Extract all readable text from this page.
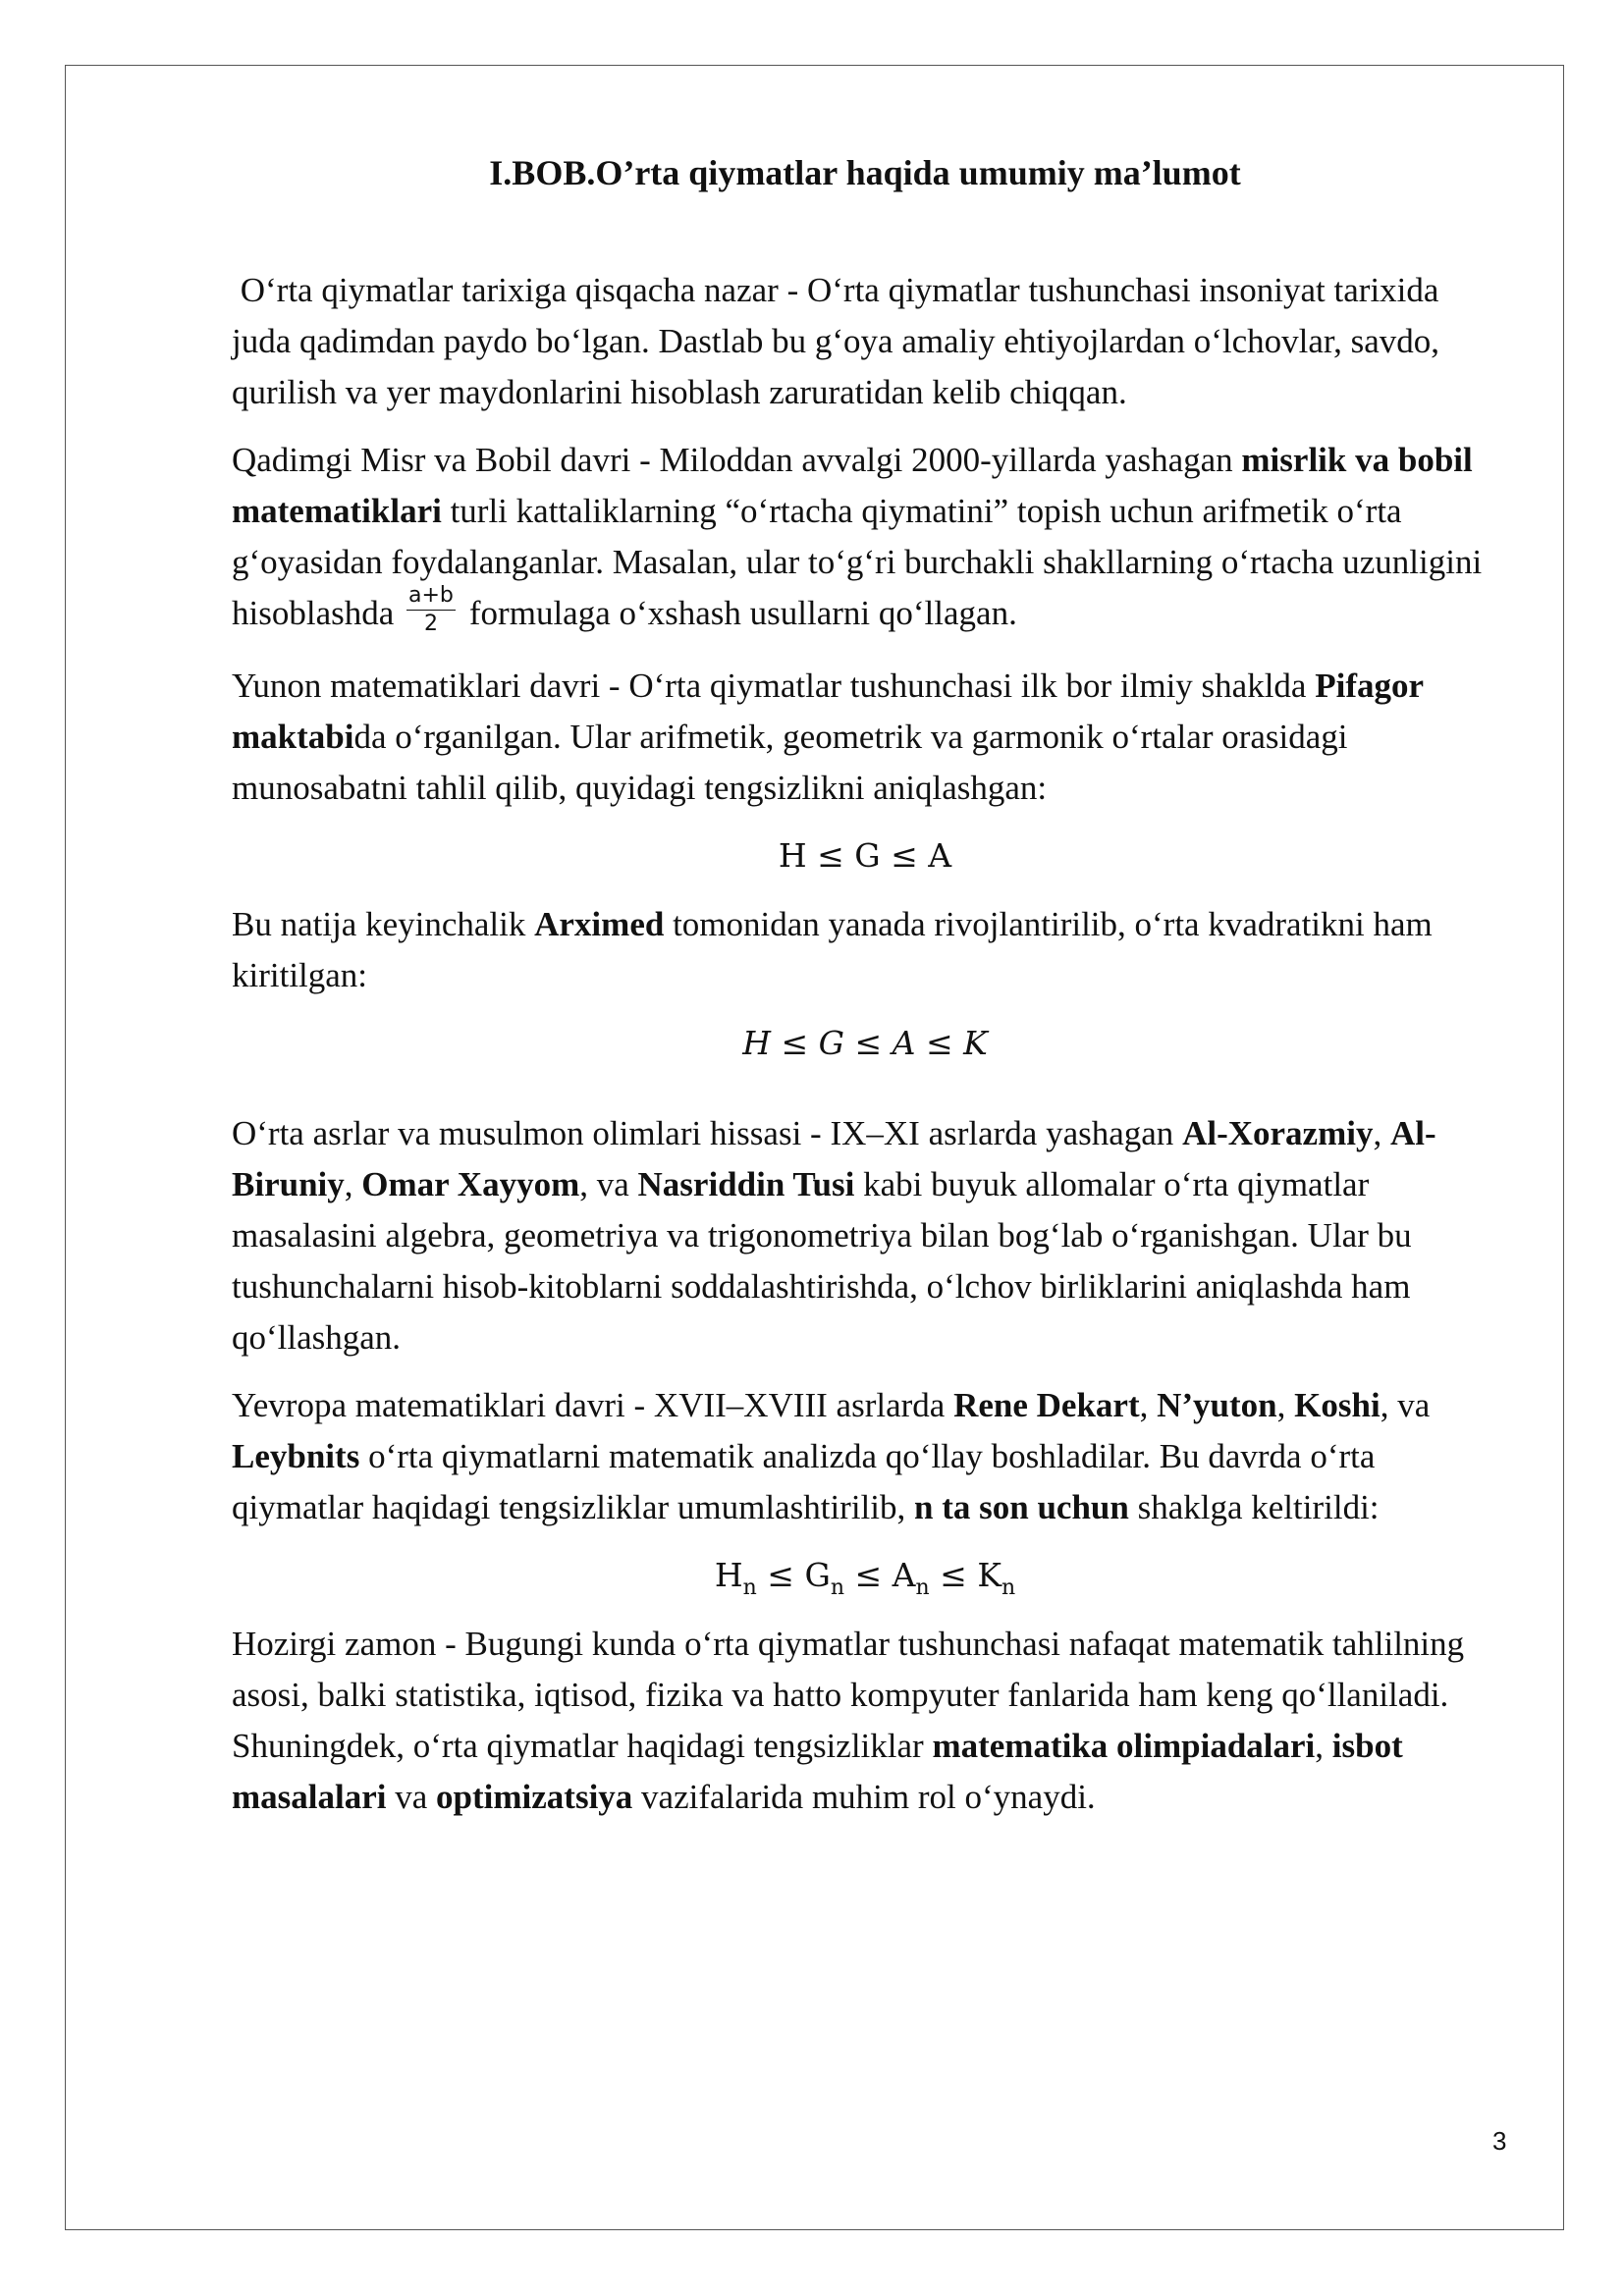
I.BOB.O’rta qiymatlar haqida umumiy ma’lumot

O‘rta qiymatlar tarixiga qisqacha nazar - O‘rta qiymatlar tushunchasi insoniyat tarixida juda qadimdan paydo bo‘lgan. Dastlab bu g‘oya amaliy ehtiyojlardan o‘lchovlar, savdo, qurilish va yer maydonlarini hisoblash zaruratidan kelib chiqqan.

Qadimgi Misr va Bobil davri - Miloddan avvalgi 2000-yillarda yashagan misrlik va bobil matematiklari turli kattaliklarning “o‘rtacha qiymatini” topish uchun arifmetik o‘rta g‘oyasidan foydalanganlar. Masalan, ular to‘g‘ri burchakli shakllarning o‘rtacha uzunligini hisoblashda $\frac{a+b}{2}$ formulaga o‘xshash usullarni qo‘llagan.

Yunon matematiklari davri - O‘rta qiymatlar tushunchasi ilk bor ilmiy shaklda Pifagor maktabida o‘rganilgan. Ular arifmetik, geometrik va garmonik o‘rtalar orasidagi munosabatni tahlil qilib, quyidagi tengsizlikni aniqlashgan:

H ≤ G ≤ A

Bu natija keyinchalik Arximed tomonidan yanada rivojlantirilib, o‘rta kvadratikni ham kiritilgan:

H ≤ G ≤ A ≤ K

O‘rta asrlar va musulmon olimlari hissasi - IX–XI asrlarda yashagan Al-Xorazmiy, Al-Biruniy, Omar Xayyom, va Nasriddin Tusi kabi buyuk allomalar o‘rta qiymatlar masalasini algebra, geometriya va trigonometriya bilan bog‘lab o‘rganishgan. Ular bu tushunchalarni hisob-kitoblarni soddalashtirishda, o‘lchov birliklarini aniqlashda ham qo‘llashgan.

Yevropa matematiklari davri - XVII–XVIII asrlarda Rene Dekart, N’yuton, Koshi, va Leybnits o‘rta qiymatlarni matematik analizda qo‘llay boshladilar. Bu davrda o‘rta qiymatlar haqidagi tengsizliklar umumlashtirilib, n ta son uchun shaklga keltirildi:

$H_n \le G_n \le A_n \le K_n$

Hozirgi zamon - Bugungi kunda o‘rta qiymatlar tushunchasi nafaqat matematik tahlilning asosi, balki statistika, iqtisod, fizika va hatto kompyuter fanlarida ham keng qo‘llaniladi. Shuningdek, o‘rta qiymatlar haqidagi tengsizliklar matematika olimpiadalari, isbot masalalari va optimizatsiya vazifalarida muhim rol o‘ynaydi.

3
